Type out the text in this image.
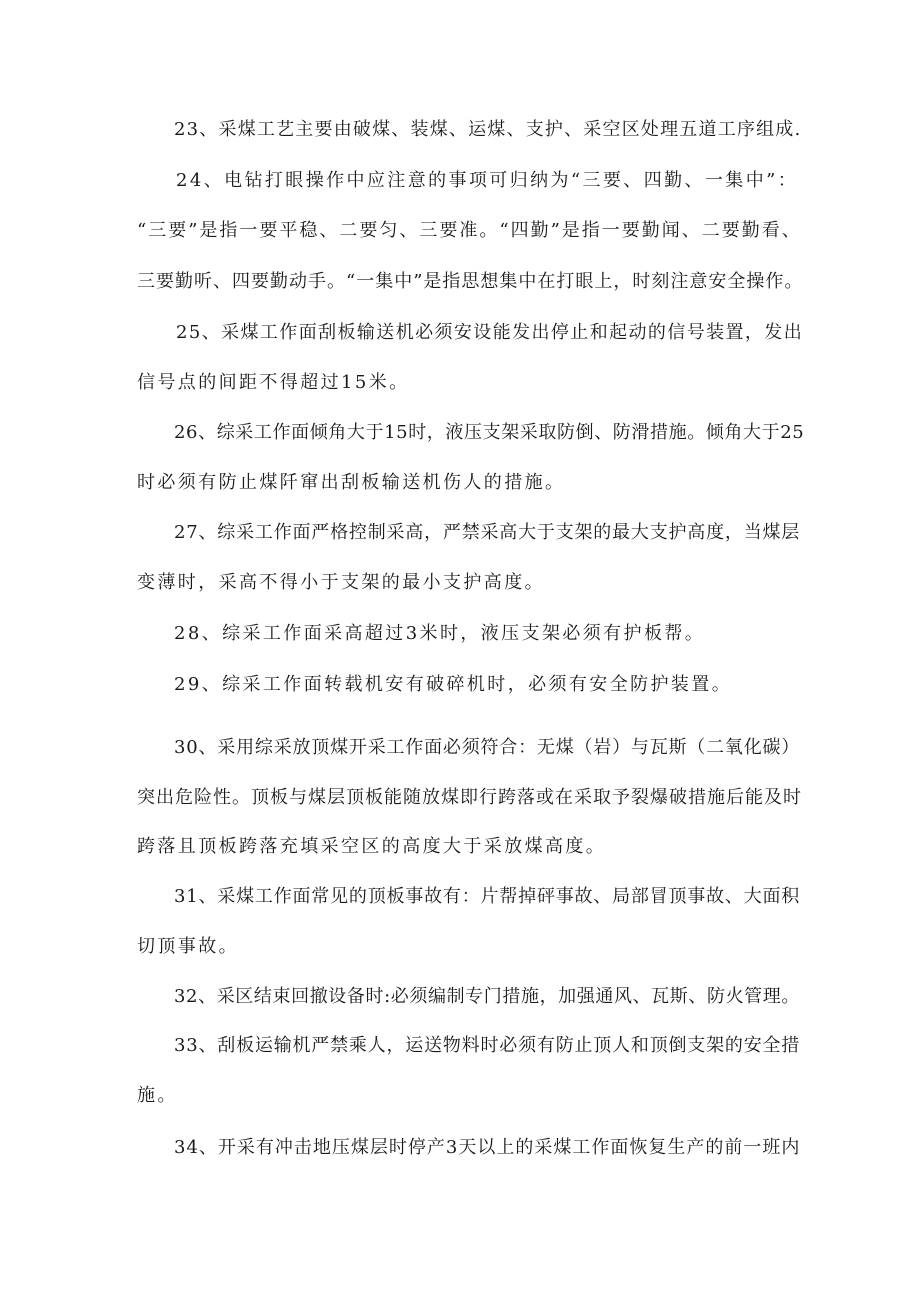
23、采煤工艺主要由破煤、装煤、运煤、支护、采空区处理五道工序组成.
24、电钻打眼操作中应注意的事项可归纳为“三要、四勤、一集中”：
“三要”是指一要平稳、二要匀、三要准。“四勤”是指一要勤闻、二要勤看、
三要勤听、四要勤动手。“一集中”是指思想集中在打眼上，时刻注意安全操作。
25、采煤工作面刮板输送机必须安设能发出停止和起动的信号装置，发出
信号点的间距不得超过15米。
26、综采工作面倾角大于15时，液压支架采取防倒、防滑措施。倾角大于25
时必须有防止煤阡窜出刮板输送机伤人的措施。
27、综采工作面严格控制采高，严禁采高大于支架的最大支护高度，当煤层
变薄时，采高不得小于支架的最小支护高度。
28、综采工作面采高超过3米时，液压支架必须有护板帮。
29、综采工作面转载机安有破碎机时，必须有安全防护装置。
30、采用综采放顶煤开采工作面必须符合：无煤（岩）与瓦斯（二氧化碳）
突出危险性。顶板与煤层顶板能随放煤即行跨落或在采取予裂爆破措施后能及时
跨落且顶板跨落充填采空区的高度大于采放煤高度。
31、采煤工作面常见的顶板事故有：片帮掉砰事故、局部冒顶事故、大面积
切顶事故。
32、采区结束回撤设备时:必须编制专门措施，加强通风、瓦斯、防火管理。
33、刮板运输机严禁乘人，运送物料时必须有防止顶人和顶倒支架的安全措
施。
34、开采有冲击地压煤层时停产3天以上的采煤工作面恢复生产的前一班内
